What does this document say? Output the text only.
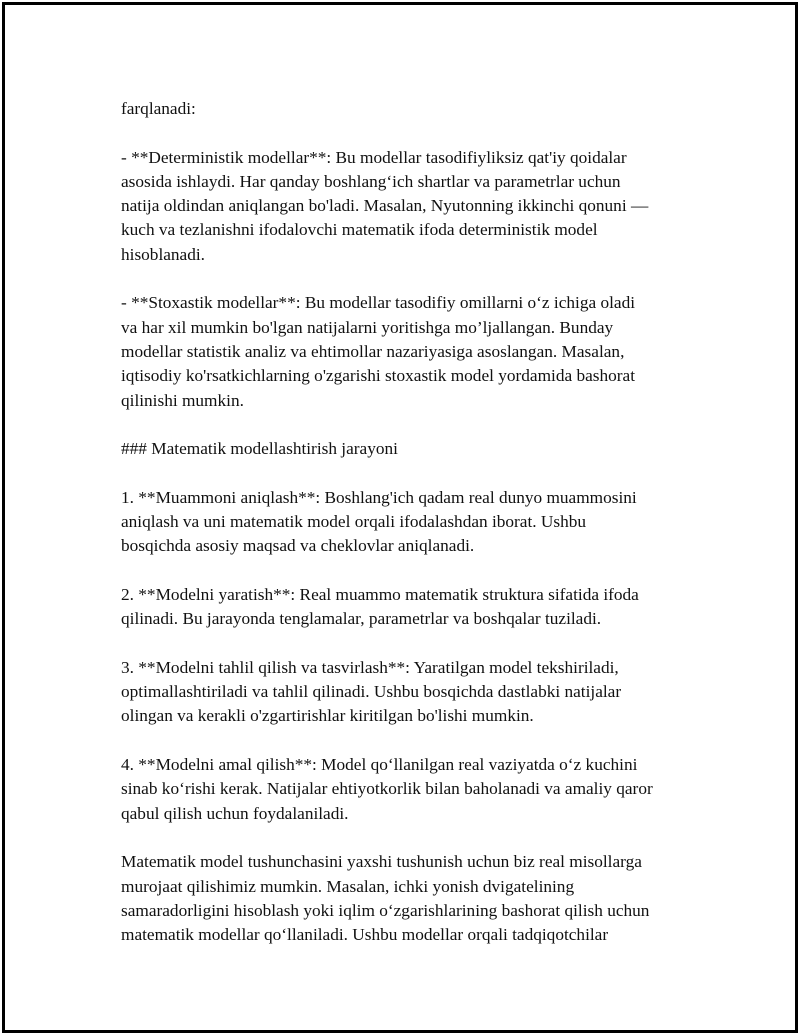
farqlanadi:
- **Deterministik modellar**: Bu modellar tasodifiyliksiz qat'iy qoidalar
asosida ishlaydi. Har qanday boshlang‘ich shartlar va parametrlar uchun
natija oldindan aniqlangan bo'ladi. Masalan, Nyutonning ikkinchi qonuni —
kuch va tezlanishni ifodalovchi matematik ifoda deterministik model
hisoblanadi.
- **Stoxastik modellar**: Bu modellar tasodifiy omillarni o‘z ichiga oladi
va har xil mumkin bo'lgan natijalarni yoritishga mo’ljallangan. Bunday
modellar statistik analiz va ehtimollar nazariyasiga asoslangan. Masalan,
iqtisodiy ko'rsatkichlarning o'zgarishi stoxastik model yordamida bashorat
qilinishi mumkin.
### Matematik modellashtirish jarayoni
1. **Muammoni aniqlash**: Boshlang'ich qadam real dunyo muammosini
aniqlash va uni matematik model orqali ifodalashdan iborat. Ushbu
bosqichda asosiy maqsad va cheklovlar aniqlanadi.
2. **Modelni yaratish**: Real muammo matematik struktura sifatida ifoda
qilinadi. Bu jarayonda tenglamalar, parametrlar va boshqalar tuziladi.
3. **Modelni tahlil qilish va tasvirlash**: Yaratilgan model tekshiriladi,
optimallashtiriladi va tahlil qilinadi. Ushbu bosqichda dastlabki natijalar
olingan va kerakli o'zgartirishlar kiritilgan bo'lishi mumkin.
4. **Modelni amal qilish**: Model qo‘llanilgan real vaziyatda o‘z kuchini
sinab ko‘rishi kerak. Natijalar ehtiyotkorlik bilan baholanadi va amaliy qaror
qabul qilish uchun foydalaniladi.
Matematik model tushunchasini yaxshi tushunish uchun biz real misollarga
murojaat qilishimiz mumkin. Masalan, ichki yonish dvigatelining
samaradorligini hisoblash yoki iqlim o‘zgarishlarining bashorat qilish uchun
matematik modellar qo‘llaniladi. Ushbu modellar orqali tadqiqotchilar
